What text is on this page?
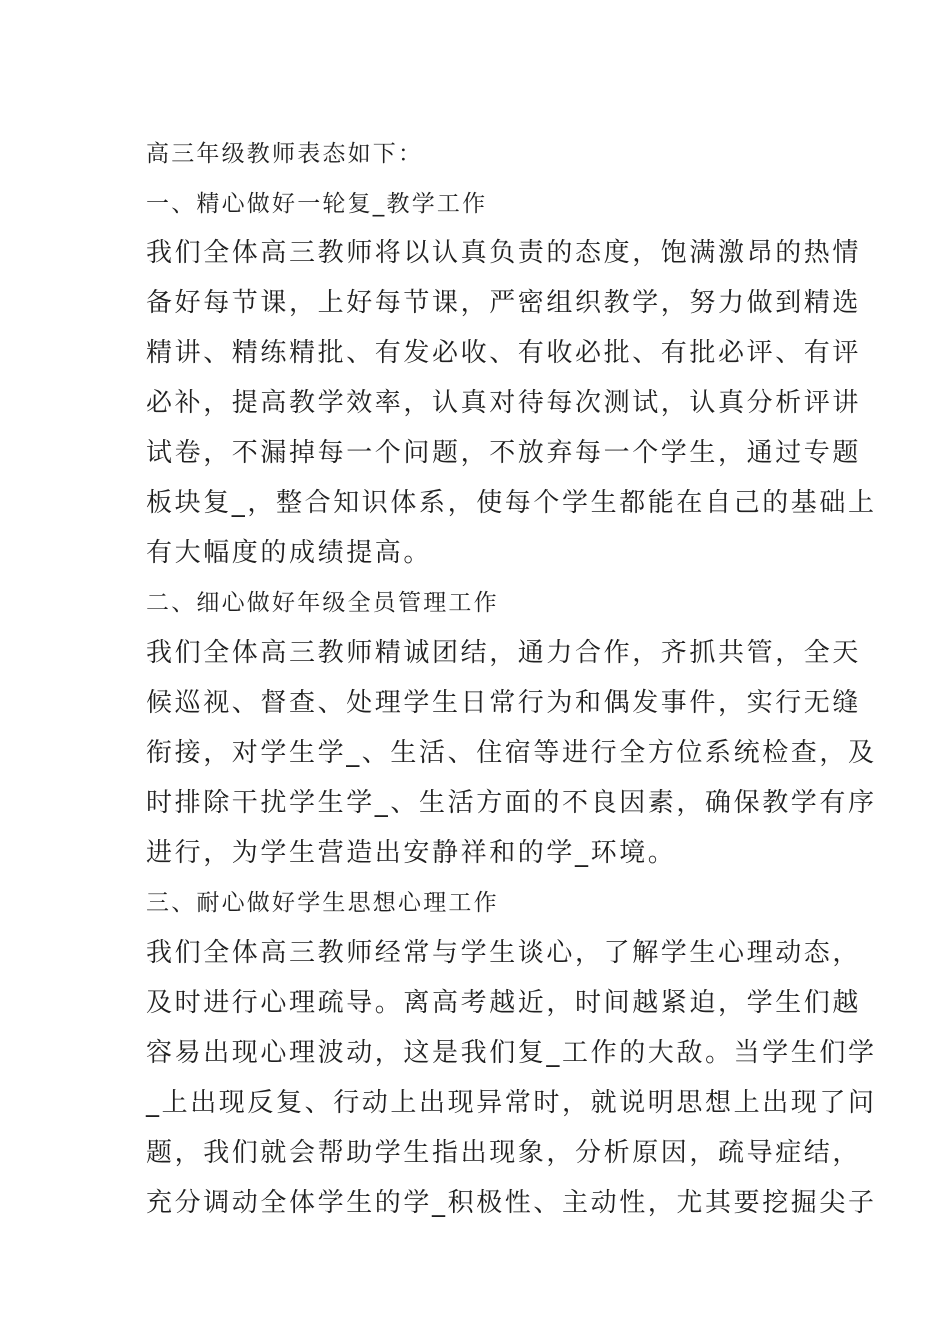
高三年级教师表态如下：
一、精心做好一轮复_教学工作
我们全体高三教师将以认真负责的态度，饱满激昂的热情
备好每节课，上好每节课，严密组织教学，努力做到精选
精讲、精练精批、有发必收、有收必批、有批必评、有评
必补，提高教学效率，认真对待每次测试，认真分析评讲
试卷，不漏掉每一个问题，不放弃每一个学生，通过专题
板块复_，整合知识体系，使每个学生都能在自己的基础上
有大幅度的成绩提高。
二、细心做好年级全员管理工作
我们全体高三教师精诚团结，通力合作，齐抓共管，全天
候巡视、督查、处理学生日常行为和偶发事件，实行无缝
衔接，对学生学_、生活、住宿等进行全方位系统检查，及
时排除干扰学生学_、生活方面的不良因素，确保教学有序
进行，为学生营造出安静祥和的学_环境。
三、耐心做好学生思想心理工作
我们全体高三教师经常与学生谈心，了解学生心理动态，
及时进行心理疏导。离高考越近，时间越紧迫，学生们越
容易出现心理波动，这是我们复_工作的大敌。当学生们学
_上出现反复、行动上出现异常时，就说明思想上出现了问
题，我们就会帮助学生指出现象，分析原因，疏导症结，
充分调动全体学生的学_积极性、主动性，尤其要挖掘尖子
